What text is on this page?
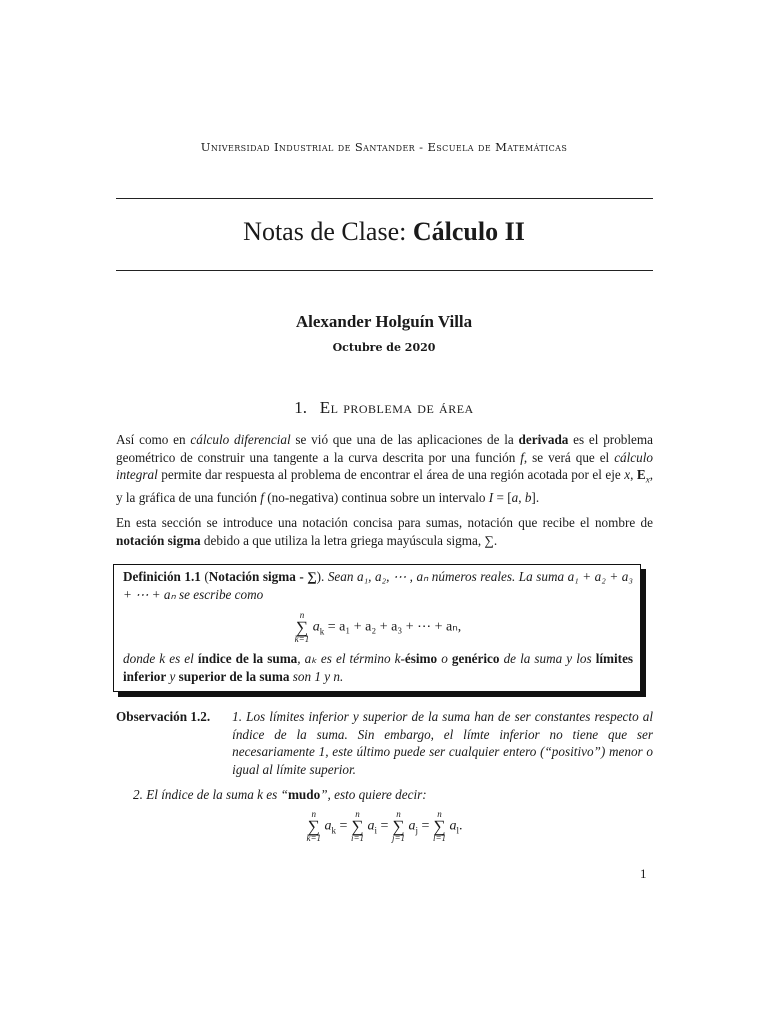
Universidad Industrial de Santander - Escuela de Matemáticas
Notas de Clase: Cálculo II
Alexander Holguín Villa
Octubre de 2020
1. El problema de área
Así como en cálculo diferencial se vió que una de las aplicaciones de la derivada es el problema geométrico de construir una tangente a la curva descrita por una función f, se verá que el cálculo integral permite dar respuesta al problema de encontrar el área de una región acotada por el eje x, $E_x$, y la gráfica de una función f (no-negativa) continua sobre un intervalo I = [a, b].
En esta sección se introduce una notación concisa para sumas, notación que recibe el nombre de notación sigma debido a que utiliza la letra griega mayúscula sigma, ∑.
Definición 1.1 (Notación sigma - ∑). Sean a₁, a₂, ⋯ , aₙ números reales. La suma a₁ + a₂ + a₃ + ⋯ + aₙ se escribe como
n
∑
k=1
$a_k = a_1 + a_2 + a_3$ + ⋯ + aₙ,
donde k es el índice de la suma, aₖ es el término k-ésimo o genérico de la suma y los límites inferior y superior de la suma son 1 y n.
Observación 1.2. 1. Los límites inferior y superior de la suma han de ser constantes respecto al índice de la suma. Sin embargo, el límte inferior no tiene que ser necesariamente 1, este último puede ser cualquier entero (“positivo”) menor o igual al límite superior.
2. El índice de la suma k es “mudo”, esto quiere decir:
n
∑
k=1
$a_k$ =
n
∑
i=1
$a_i$ =
n
∑
j=1
$a_j$ =
n
∑
l=1
$a_l$.
1
